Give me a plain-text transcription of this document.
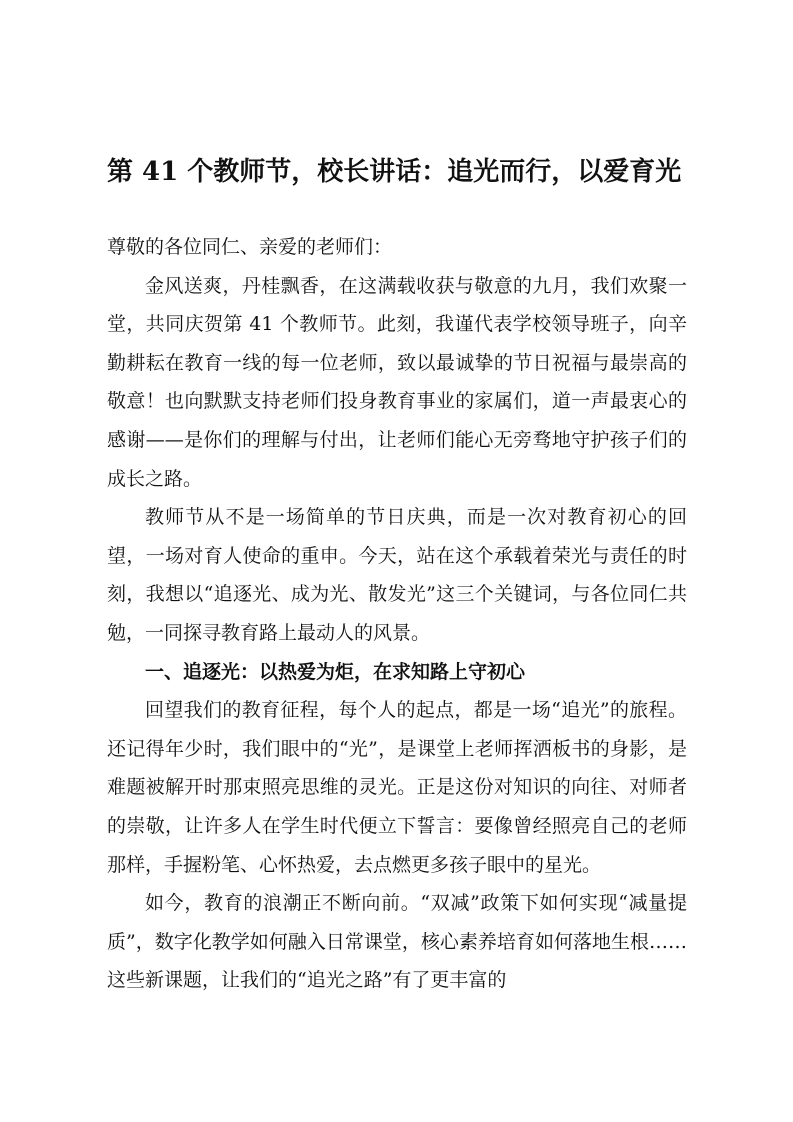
第 41 个教师节，校长讲话：追光而行，以爱育光

尊敬的各位同仁、亲爱的老师们：

金风送爽，丹桂飘香，在这满载收获与敬意的九月，我们欢聚一堂，共同庆贺第 41 个教师节。此刻，我谨代表学校领导班子，向辛勤耕耘在教育一线的每一位老师，致以最诚挚的节日祝福与最崇高的敬意！也向默默支持老师们投身教育事业的家属们，道一声最衷心的感谢——是你们的理解与付出，让老师们能心无旁骛地守护孩子们的成长之路。

教师节从不是一场简单的节日庆典，而是一次对教育初心的回望，一场对育人使命的重申。今天，站在这个承载着荣光与责任的时刻，我想以“追逐光、成为光、散发光”这三个关键词，与各位同仁共勉，一同探寻教育路上最动人的风景。

一、追逐光：以热爱为炬，在求知路上守初心

回望我们的教育征程，每个人的起点，都是一场“追光”的旅程。还记得年少时，我们眼中的“光”，是课堂上老师挥洒板书的身影，是难题被解开时那束照亮思维的灵光。正是这份对知识的向往、对师者的崇敬，让许多人在学生时代便立下誓言：要像曾经照亮自己的老师那样，手握粉笔、心怀热爱，去点燃更多孩子眼中的星光。

如今，教育的浪潮正不断向前。“双减”政策下如何实现“减量提质”，数字化教学如何融入日常课堂，核心素养培育如何落地生根……这些新课题，让我们的“追光之路”有了更丰富的
